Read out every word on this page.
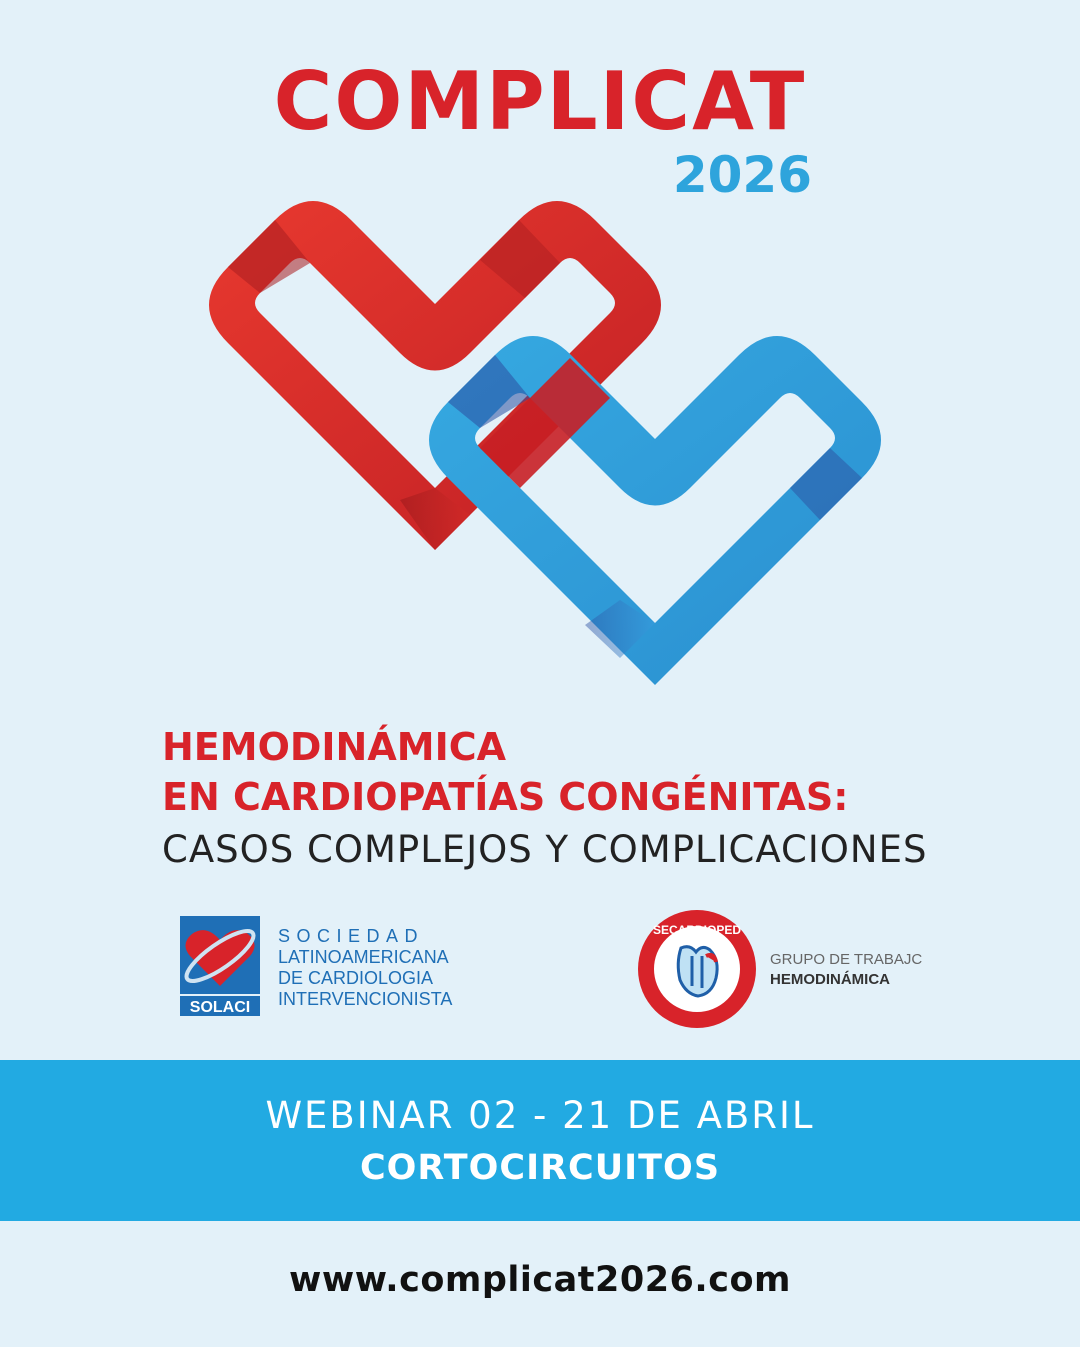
COMPLICAT
2026
HEMODINÁMICA
EN CARDIOPATÍAS CONGÉNITAS:
CASOS COMPLEJOS Y COMPLICACIONES
SOLACI
SOCIEDAD
LATINOAMERICANA
DE CARDIOLOGIA
INTERVENCIONISTA
SECARDIOPED
GRUPO DE TRABAJC
HEMODINÁMICA
WEBINAR 02 - 21 DE ABRIL
CORTOCIRCUITOS
www.complicat2026.com
